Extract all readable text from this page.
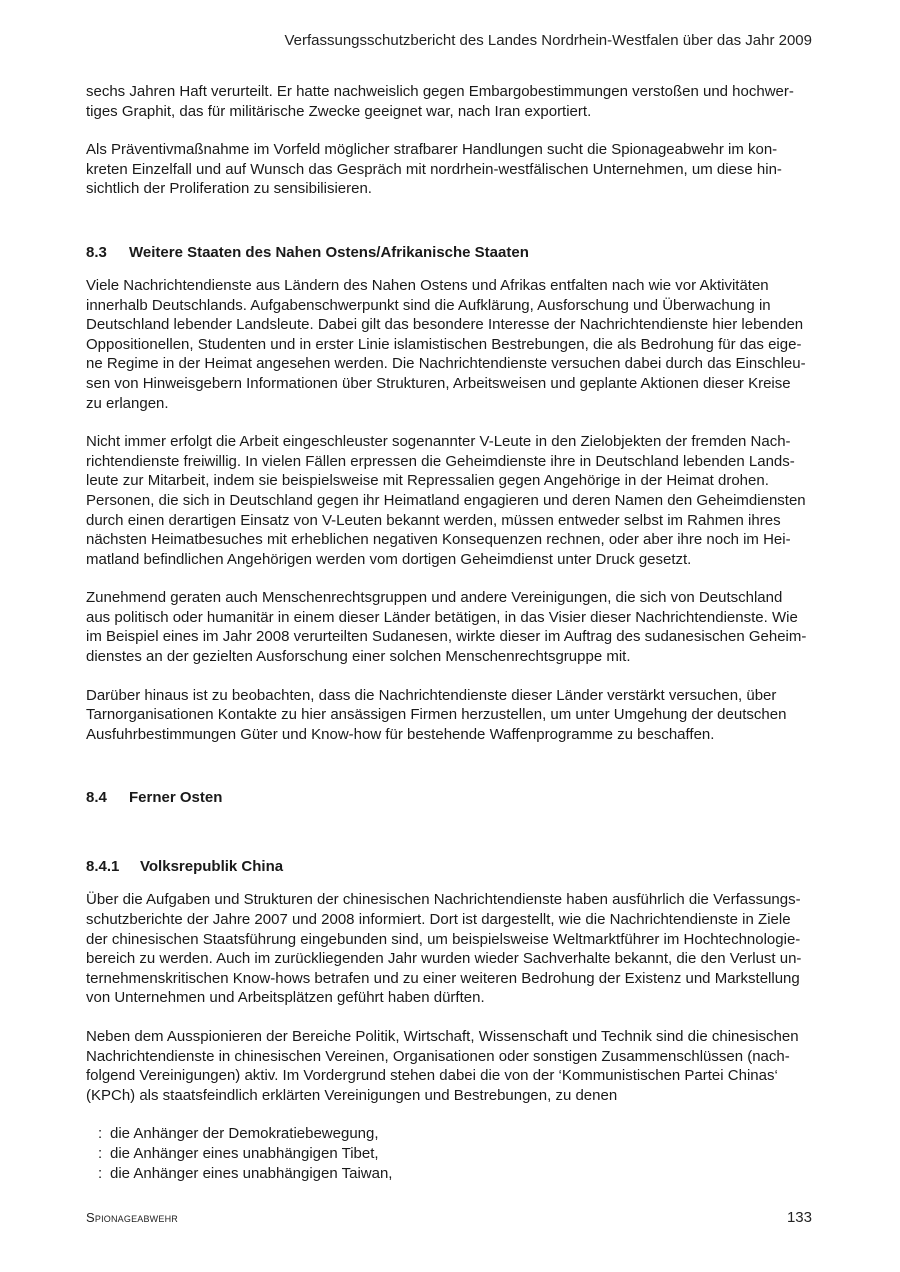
Verfassungsschutzbericht des Landes Nordrhein-Westfalen über das Jahr 2009

sechs Jahren Haft verurteilt. Er hatte nachweislich gegen Embargobestimmungen verstoßen und hochwer-
tiges Graphit, das für militärische Zwecke geeignet war, nach Iran exportiert.

Als Präventivmaßnahme im Vorfeld möglicher strafbarer Handlungen sucht die Spionageabwehr im kon-
kreten Einzelfall und auf Wunsch das Gespräch mit nordrhein-westfälischen Unternehmen, um diese hin-
sichtlich der Proliferation zu sensibilisieren.

8.3 Weitere Staaten des Nahen Ostens/Afrikanische Staaten

Viele Nachrichtendienste aus Ländern des Nahen Ostens und Afrikas entfalten nach wie vor Aktivitäten
innerhalb Deutschlands. Aufgabenschwerpunkt sind die Aufklärung, Ausforschung und Überwachung in
Deutschland lebender Landsleute. Dabei gilt das besondere Interesse der Nachrichtendienste hier lebenden
Oppositionellen, Studenten und in erster Linie islamistischen Bestrebungen, die als Bedrohung für das eige-
ne Regime in der Heimat angesehen werden. Die Nachrichtendienste versuchen dabei durch das Einschleu-
sen von Hinweisgebern Informationen über Strukturen, Arbeitsweisen und geplante Aktionen dieser Kreise
zu erlangen.

Nicht immer erfolgt die Arbeit eingeschleuster sogenannter V-Leute in den Zielobjekten der fremden Nach-
richtendienste freiwillig. In vielen Fällen erpressen die Geheimdienste ihre in Deutschland lebenden Lands-
leute zur Mitarbeit, indem sie beispielsweise mit Repressalien gegen Angehörige in der Heimat drohen.
Personen, die sich in Deutschland gegen ihr Heimatland engagieren und deren Namen den Geheimdiensten
durch einen derartigen Einsatz von V-Leuten bekannt werden, müssen entweder selbst im Rahmen ihres
nächsten Heimatbesuches mit erheblichen negativen Konsequenzen rechnen, oder aber ihre noch im Hei-
matland befindlichen Angehörigen werden vom dortigen Geheimdienst unter Druck gesetzt.

Zunehmend geraten auch Menschenrechtsgruppen und andere Vereinigungen, die sich von Deutschland
aus politisch oder humanitär in einem dieser Länder betätigen, in das Visier dieser Nachrichtendienste. Wie
im Beispiel eines im Jahr 2008 verurteilten Sudanesen, wirkte dieser im Auftrag des sudanesischen Geheim-
dienstes an der gezielten Ausforschung einer solchen Menschenrechtsgruppe mit.

Darüber hinaus ist zu beobachten, dass die Nachrichtendienste dieser Länder verstärkt versuchen, über
Tarnorganisationen Kontakte zu hier ansässigen Firmen herzustellen, um unter Umgehung der deutschen
Ausfuhrbestimmungen Güter und Know-how für bestehende Waffenprogramme zu beschaffen.

8.4 Ferner Osten

8.4.1 Volksrepublik China

Über die Aufgaben und Strukturen der chinesischen Nachrichtendienste haben ausführlich die Verfassungs-
schutzberichte der Jahre 2007 und 2008 informiert. Dort ist dargestellt, wie die Nachrichtendienste in Ziele
der chinesischen Staatsführung eingebunden sind, um beispielsweise Weltmarktführer im Hochtechnologie-
bereich zu werden. Auch im zurückliegenden Jahr wurden wieder Sachverhalte bekannt, die den Verlust un-
ternehmenskritischen Know-hows betrafen und zu einer weiteren Bedrohung der Existenz und Markstellung
von Unternehmen und Arbeitsplätzen geführt haben dürften.

Neben dem Ausspionieren der Bereiche Politik, Wirtschaft, Wissenschaft und Technik sind die chinesischen
Nachrichtendienste in chinesischen Vereinen, Organisationen oder sonstigen Zusammenschlüssen (nach-
folgend Vereinigungen) aktiv. Im Vordergrund stehen dabei die von der ‘Kommunistischen Partei Chinas‘
(KPCh) als staatsfeindlich erklärten Vereinigungen und Bestrebungen, zu denen

: die Anhänger der Demokratiebewegung,
: die Anhänger eines unabhängigen Tibet,
: die Anhänger eines unabhängigen Taiwan,
Spionageabwehr	133
